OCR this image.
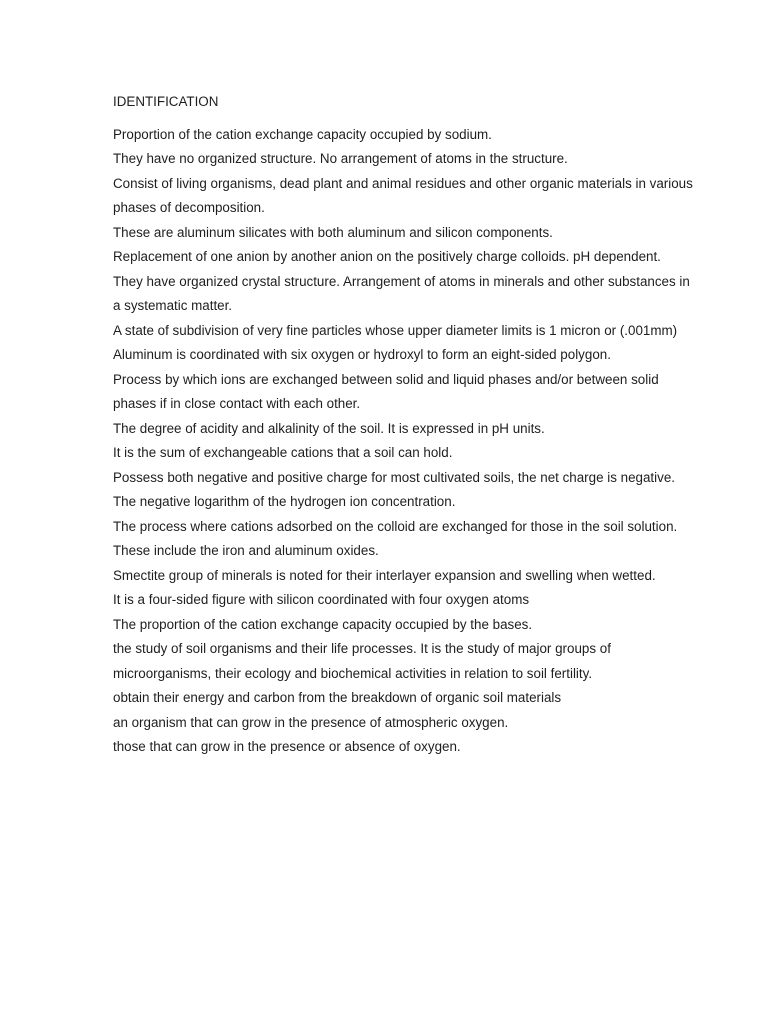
IDENTIFICATION
Proportion of the cation exchange capacity occupied by sodium.
They have no organized structure. No arrangement of atoms in the structure.
Consist of living organisms, dead plant and animal residues and other organic materials in various phases of decomposition.
These are aluminum silicates with both aluminum and silicon components.
Replacement of one anion by another anion on the positively charge colloids. pH dependent.
They have organized crystal structure. Arrangement of atoms in minerals and other substances in a systematic matter.
A state of subdivision of very fine particles whose upper diameter limits is 1 micron or (.001mm)
Aluminum is coordinated with six oxygen or hydroxyl to form an eight-sided polygon.
Process by which ions are exchanged between solid and liquid phases and/or between solid phases if in close contact with each other.
The degree of acidity and alkalinity of the soil. It is expressed in pH units.
It is the sum of exchangeable cations that a soil can hold.
Possess both negative and positive charge for most cultivated soils, the net charge is negative.
The negative logarithm of the hydrogen ion concentration.
The process where cations adsorbed on the colloid are exchanged for those in the soil solution.
These include the iron and aluminum oxides.
Smectite group of minerals is noted for their interlayer expansion and swelling when wetted.
It is a four-sided figure with silicon coordinated with four oxygen atoms
The proportion of the cation exchange capacity occupied by the bases.
the study of soil organisms and their life processes. It is the study of major groups of microorganisms, their ecology and biochemical activities in relation to soil fertility.
obtain their energy and carbon from the breakdown of organic soil materials
an organism that can grow in the presence of atmospheric oxygen.
those that can grow in the presence or absence of oxygen.
